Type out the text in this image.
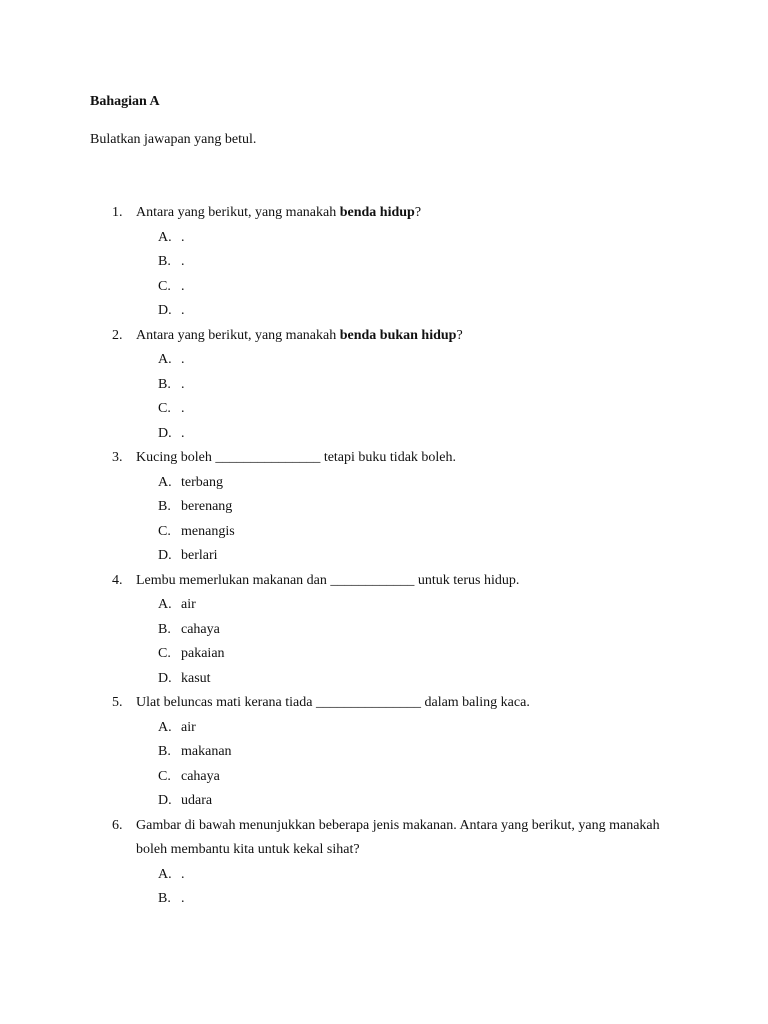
Bahagian A
Bulatkan jawapan yang betul.
1. Antara yang berikut, yang manakah benda hidup?
A. .
B. .
C. .
D. .
2. Antara yang berikut, yang manakah benda bukan hidup?
A. .
B. .
C. .
D. .
3. Kucing boleh _______________ tetapi buku tidak boleh.
A. terbang
B. berenang
C. menangis
D. berlari
4. Lembu memerlukan makanan dan ____________ untuk terus hidup.
A. air
B. cahaya
C. pakaian
D. kasut
5. Ulat beluncas mati kerana tiada _______________ dalam baling kaca.
A. air
B. makanan
C. cahaya
D. udara
6. Gambar di bawah menunjukkan beberapa jenis makanan. Antara yang berikut, yang manakah
boleh membantu kita untuk kekal sihat?
A. .
B. .
